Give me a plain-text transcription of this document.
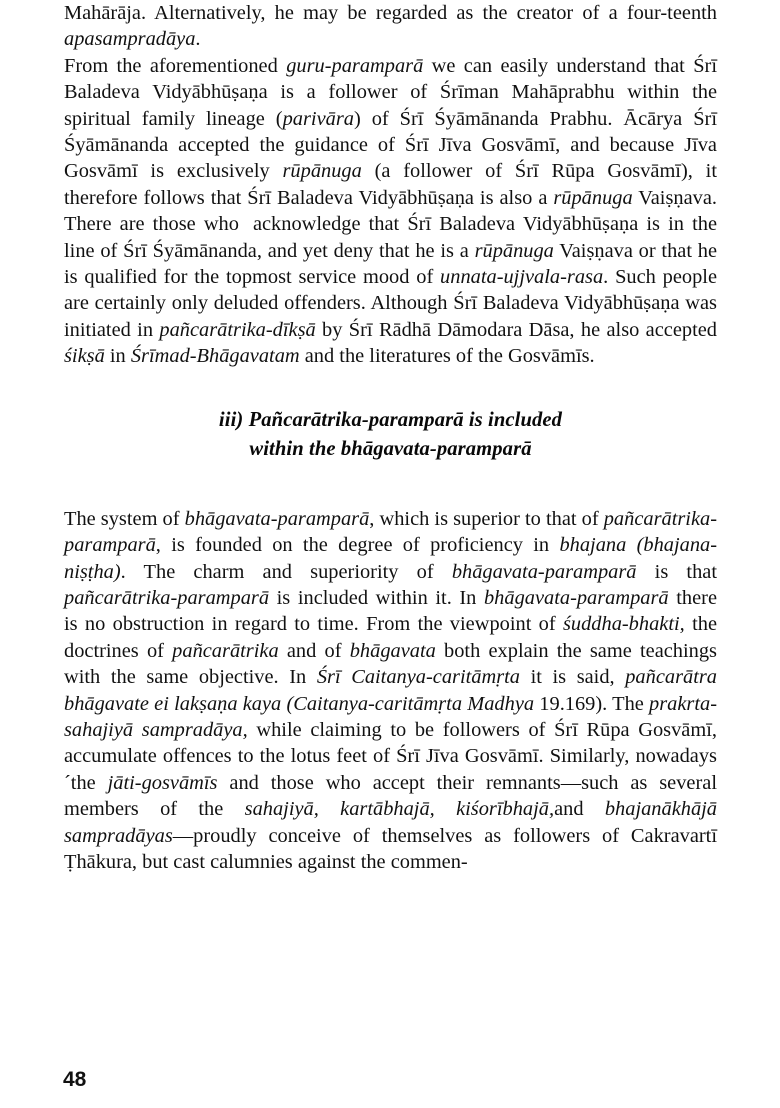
Mahārāja. Alternatively, he may be regarded as the creator of a four-teenth apasampradāya.

From the aforementioned guru-paramparā we can easily understand that Śrī Baladeva Vidyābhūṣaṇa is a follower of Śrīman Mahāprabhu within the spiritual family lineage (parivāra) of Śrī Śyāmānanda Prabhu. Ācārya Śrī Śyāmānanda accepted the guidance of Śrī Jīva Gosvāmī, and because Jīva Gosvāmī is exclusively rūpānuga (a follower of Śrī Rūpa Gosvāmī), it therefore follows that Śrī Baladeva Vidyābhūṣaṇa is also a rūpānuga Vaiṣṇava. There are those who acknowledge that Śrī Baladeva Vidyābhūṣaṇa is in the line of Śrī Śyāmānanda, and yet deny that he is a rūpānuga Vaiṣṇava or that he is qualified for the topmost service mood of unnata-ujjvala-rasa. Such people are certainly only deluded offenders. Although Śrī Baladeva Vidyābhūṣaṇa was initiated in pañcarātrika-dīkṣā by Śrī Rādhā Dāmodara Dāsa, he also accepted śikṣā in Śrīmad-Bhāgavatam and the literatures of the Gosvāmīs.

iii) Pañcarātrika-paramparā is included
within the bhāgavata-paramparā

The system of bhāgavata-paramparā, which is superior to that of pañcarātrika-paramparā, is founded on the degree of proficiency in bhajana (bhajana-niṣṭha). The charm and superiority of bhāgavata-paramparā is that pañcarātrika-paramparā is included within it. In bhāgavata-paramparā there is no obstruction in regard to time. From the viewpoint of śuddha-bhakti, the doctrines of pañcarātrika and of bhāgavata both explain the same teachings with the same objective. In Śrī Caitanya-caritāmṛta it is said, pañcarātra bhāgavate ei lakṣaṇa kaya (Caitanya-caritāmṛta Madhya 19.169). The prakrta-sahajiyā sampradāya, while claiming to be followers of Śrī Rūpa Gosvāmī, accumulate offences to the lotus feet of Śrī Jīva Gosvāmī. Similarly, nowadays´the jāti-gosvāmīs and those who accept their remnants—such as several members of the sahajiyā, kartābhajā, kiśorībhajā,and bhajanākhājā sampradāyas—proudly conceive of themselves as followers of Cakravartī Ṭhākura, but cast calumnies against the commen-

48
